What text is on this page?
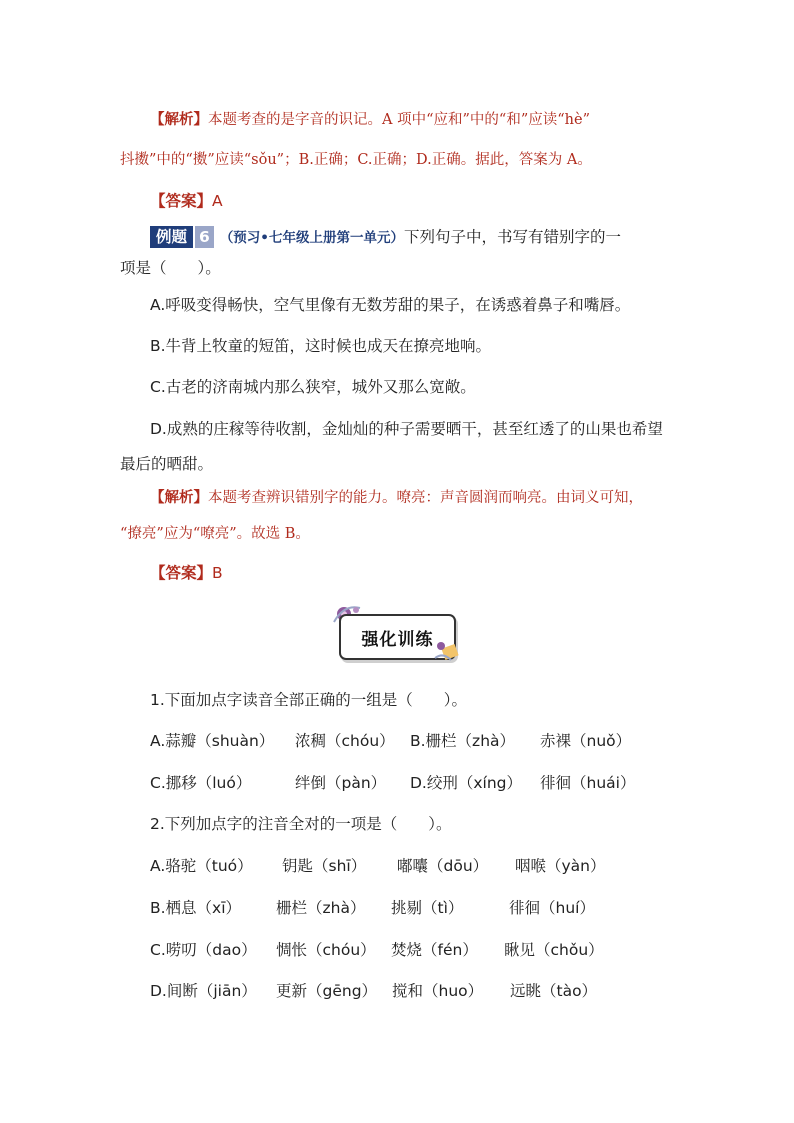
【解析】本题考查的是字音的识记。A 项中“应和”中的“和”应读“hè”
抖擞”中的“擞”应读“sǒu”；B.正确；C.正确；D.正确。据此，答案为 A。
【答案】A
例题 6 （预习•七年级上册第一单元）下列句子中，书写有错别字的一
项是（　　）。
A.呼吸变得畅快，空气里像有无数芳甜的果子，在诱惑着鼻子和嘴唇。
B.牛背上牧童的短笛，这时候也成天在撩亮地响。
C.古老的济南城内那么狭窄，城外又那么宽敞。
D.成熟的庄稼等待收割，金灿灿的种子需要晒干，甚至红透了的山果也希望
最后的晒甜。
【解析】本题考查辨识错别字的能力。嘹亮：声音圆润而响亮。由词义可知，
“撩亮”应为“嘹亮”。故选 B。
【答案】B
强化训练
1.下面加点字读音全部正确的一组是（　　）。
A.蒜瓣（shuàn） 浓稠（chóu） B.栅栏（zhà） 赤裸（nuǒ）
C.挪移（luó）	绊倒（pàn） D.绞刑（xíng） 徘徊（huái）
2.下列加点字的注音全对的一项是（　　）。
A.骆驼（tuó） 钥匙（shī） 嘟囔（dōu） 咽喉（yàn）
B.栖息（xī） 栅栏（zhà） 挑剔（tì）	徘徊（huí）
C.唠叨（dao） 惆怅（chóu） 焚烧（fén） 瞅见（chǒu）
D.间断（jiān） 更新（gēng） 搅和（huo） 远眺（tào）
